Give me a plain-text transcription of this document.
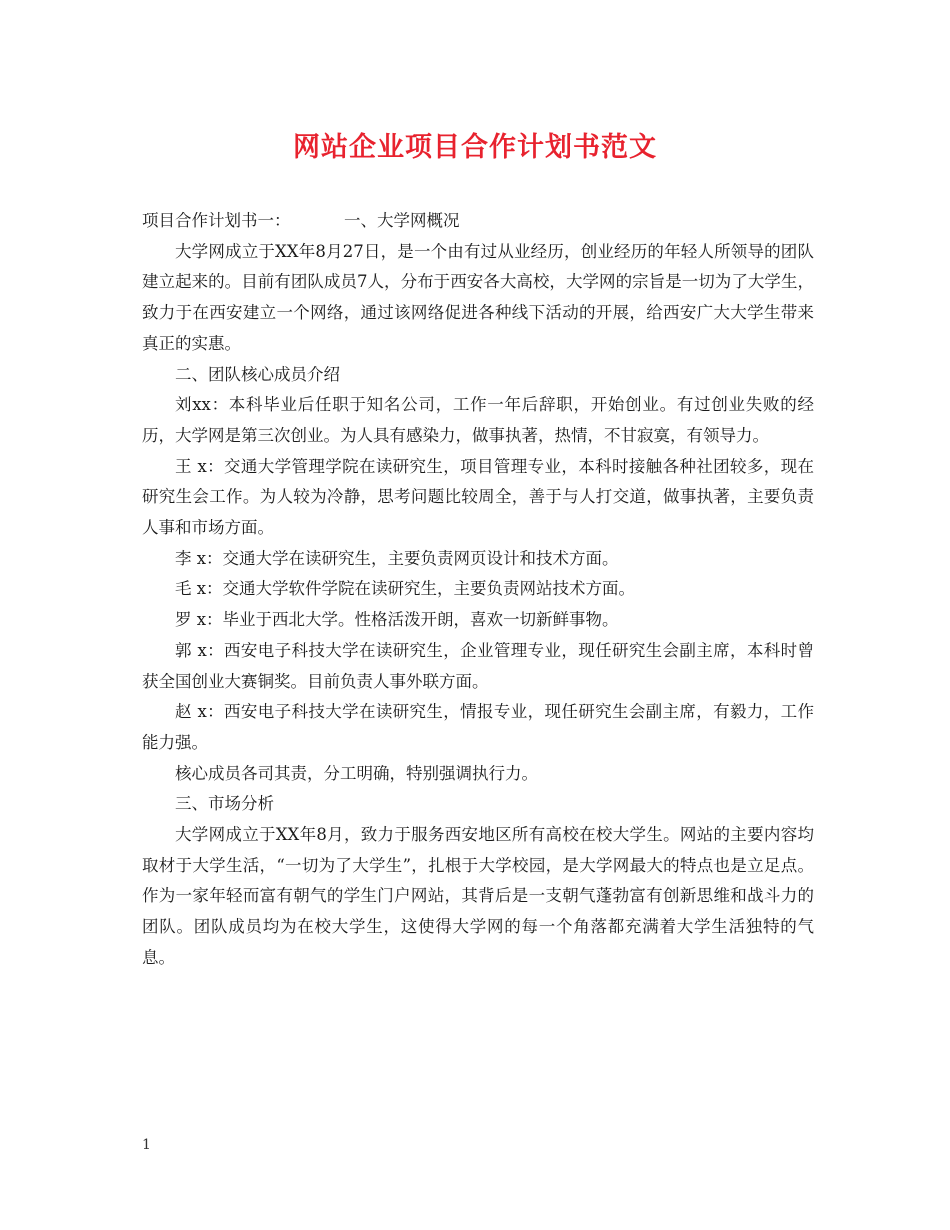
网站企业项目合作计划书范文

项目合作计划书一：	一、大学网概况

大学网成立于XX年8月27日，是一个由有过从业经历，创业经历的年轻人所领导的团队建立起来的。目前有团队成员7人，分布于西安各大高校，大学网的宗旨是一切为了大学生，致力于在西安建立一个网络，通过该网络促进各种线下活动的开展，给西安广大大学生带来真正的实惠。

二、团队核心成员介绍

刘xx：本科毕业后任职于知名公司，工作一年后辞职，开始创业。有过创业失败的经历，大学网是第三次创业。为人具有感染力，做事执著，热情，不甘寂寞，有领导力。

王 x：交通大学管理学院在读研究生，项目管理专业，本科时接触各种社团较多，现在研究生会工作。为人较为冷静，思考问题比较周全，善于与人打交道，做事执著，主要负责人事和市场方面。

李 x：交通大学在读研究生，主要负责网页设计和技术方面。

毛 x：交通大学软件学院在读研究生，主要负责网站技术方面。

罗 x：毕业于西北大学。性格活泼开朗，喜欢一切新鲜事物。

郭 x：西安电子科技大学在读研究生，企业管理专业，现任研究生会副主席，本科时曾获全国创业大赛铜奖。目前负责人事外联方面。

赵 x：西安电子科技大学在读研究生，情报专业，现任研究生会副主席，有毅力，工作能力强。

核心成员各司其责，分工明确，特别强调执行力。

三、市场分析

大学网成立于XX年8月，致力于服务西安地区所有高校在校大学生。网站的主要内容均取材于大学生活，“一切为了大学生”，扎根于大学校园，是大学网最大的特点也是立足点。作为一家年轻而富有朝气的学生门户网站，其背后是一支朝气蓬勃富有创新思维和战斗力的团队。团队成员均为在校大学生，这使得大学网的每一个角落都充满着大学生活独特的气息。

1
